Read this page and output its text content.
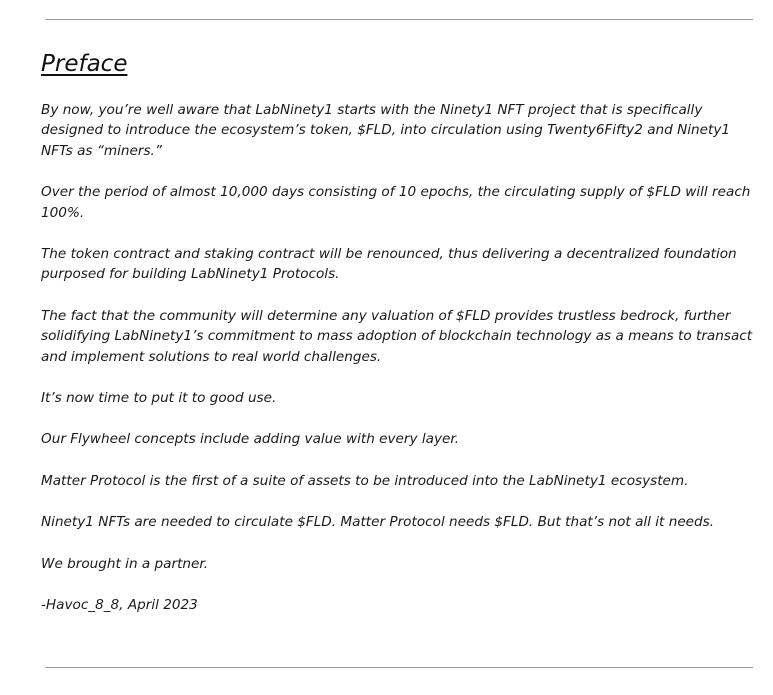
Preface

By now, you’re well aware that LabNinety1 starts with the Ninety1 NFT project that is specifically designed to introduce the ecosystem’s token, $FLD, into circulation using Twenty6Fifty2 and Ninety1 NFTs as “miners.”

Over the period of almost 10,000 days consisting of 10 epochs, the circulating supply of $FLD will reach 100%.

The token contract and staking contract will be renounced, thus delivering a decentralized foundation purposed for building LabNinety1 Protocols.

The fact that the community will determine any valuation of $FLD provides trustless bedrock, further solidifying LabNinety1’s commitment to mass adoption of blockchain technology as a means to transact and implement solutions to real world challenges.

It’s now time to put it to good use.

Our Flywheel concepts include adding value with every layer.

Matter Protocol is the first of a suite of assets to be introduced into the LabNinety1 ecosystem.

Ninety1 NFTs are needed to circulate $FLD. Matter Protocol needs $FLD. But that’s not all it needs.

We brought in a partner.

-Havoc_8_8, April 2023
